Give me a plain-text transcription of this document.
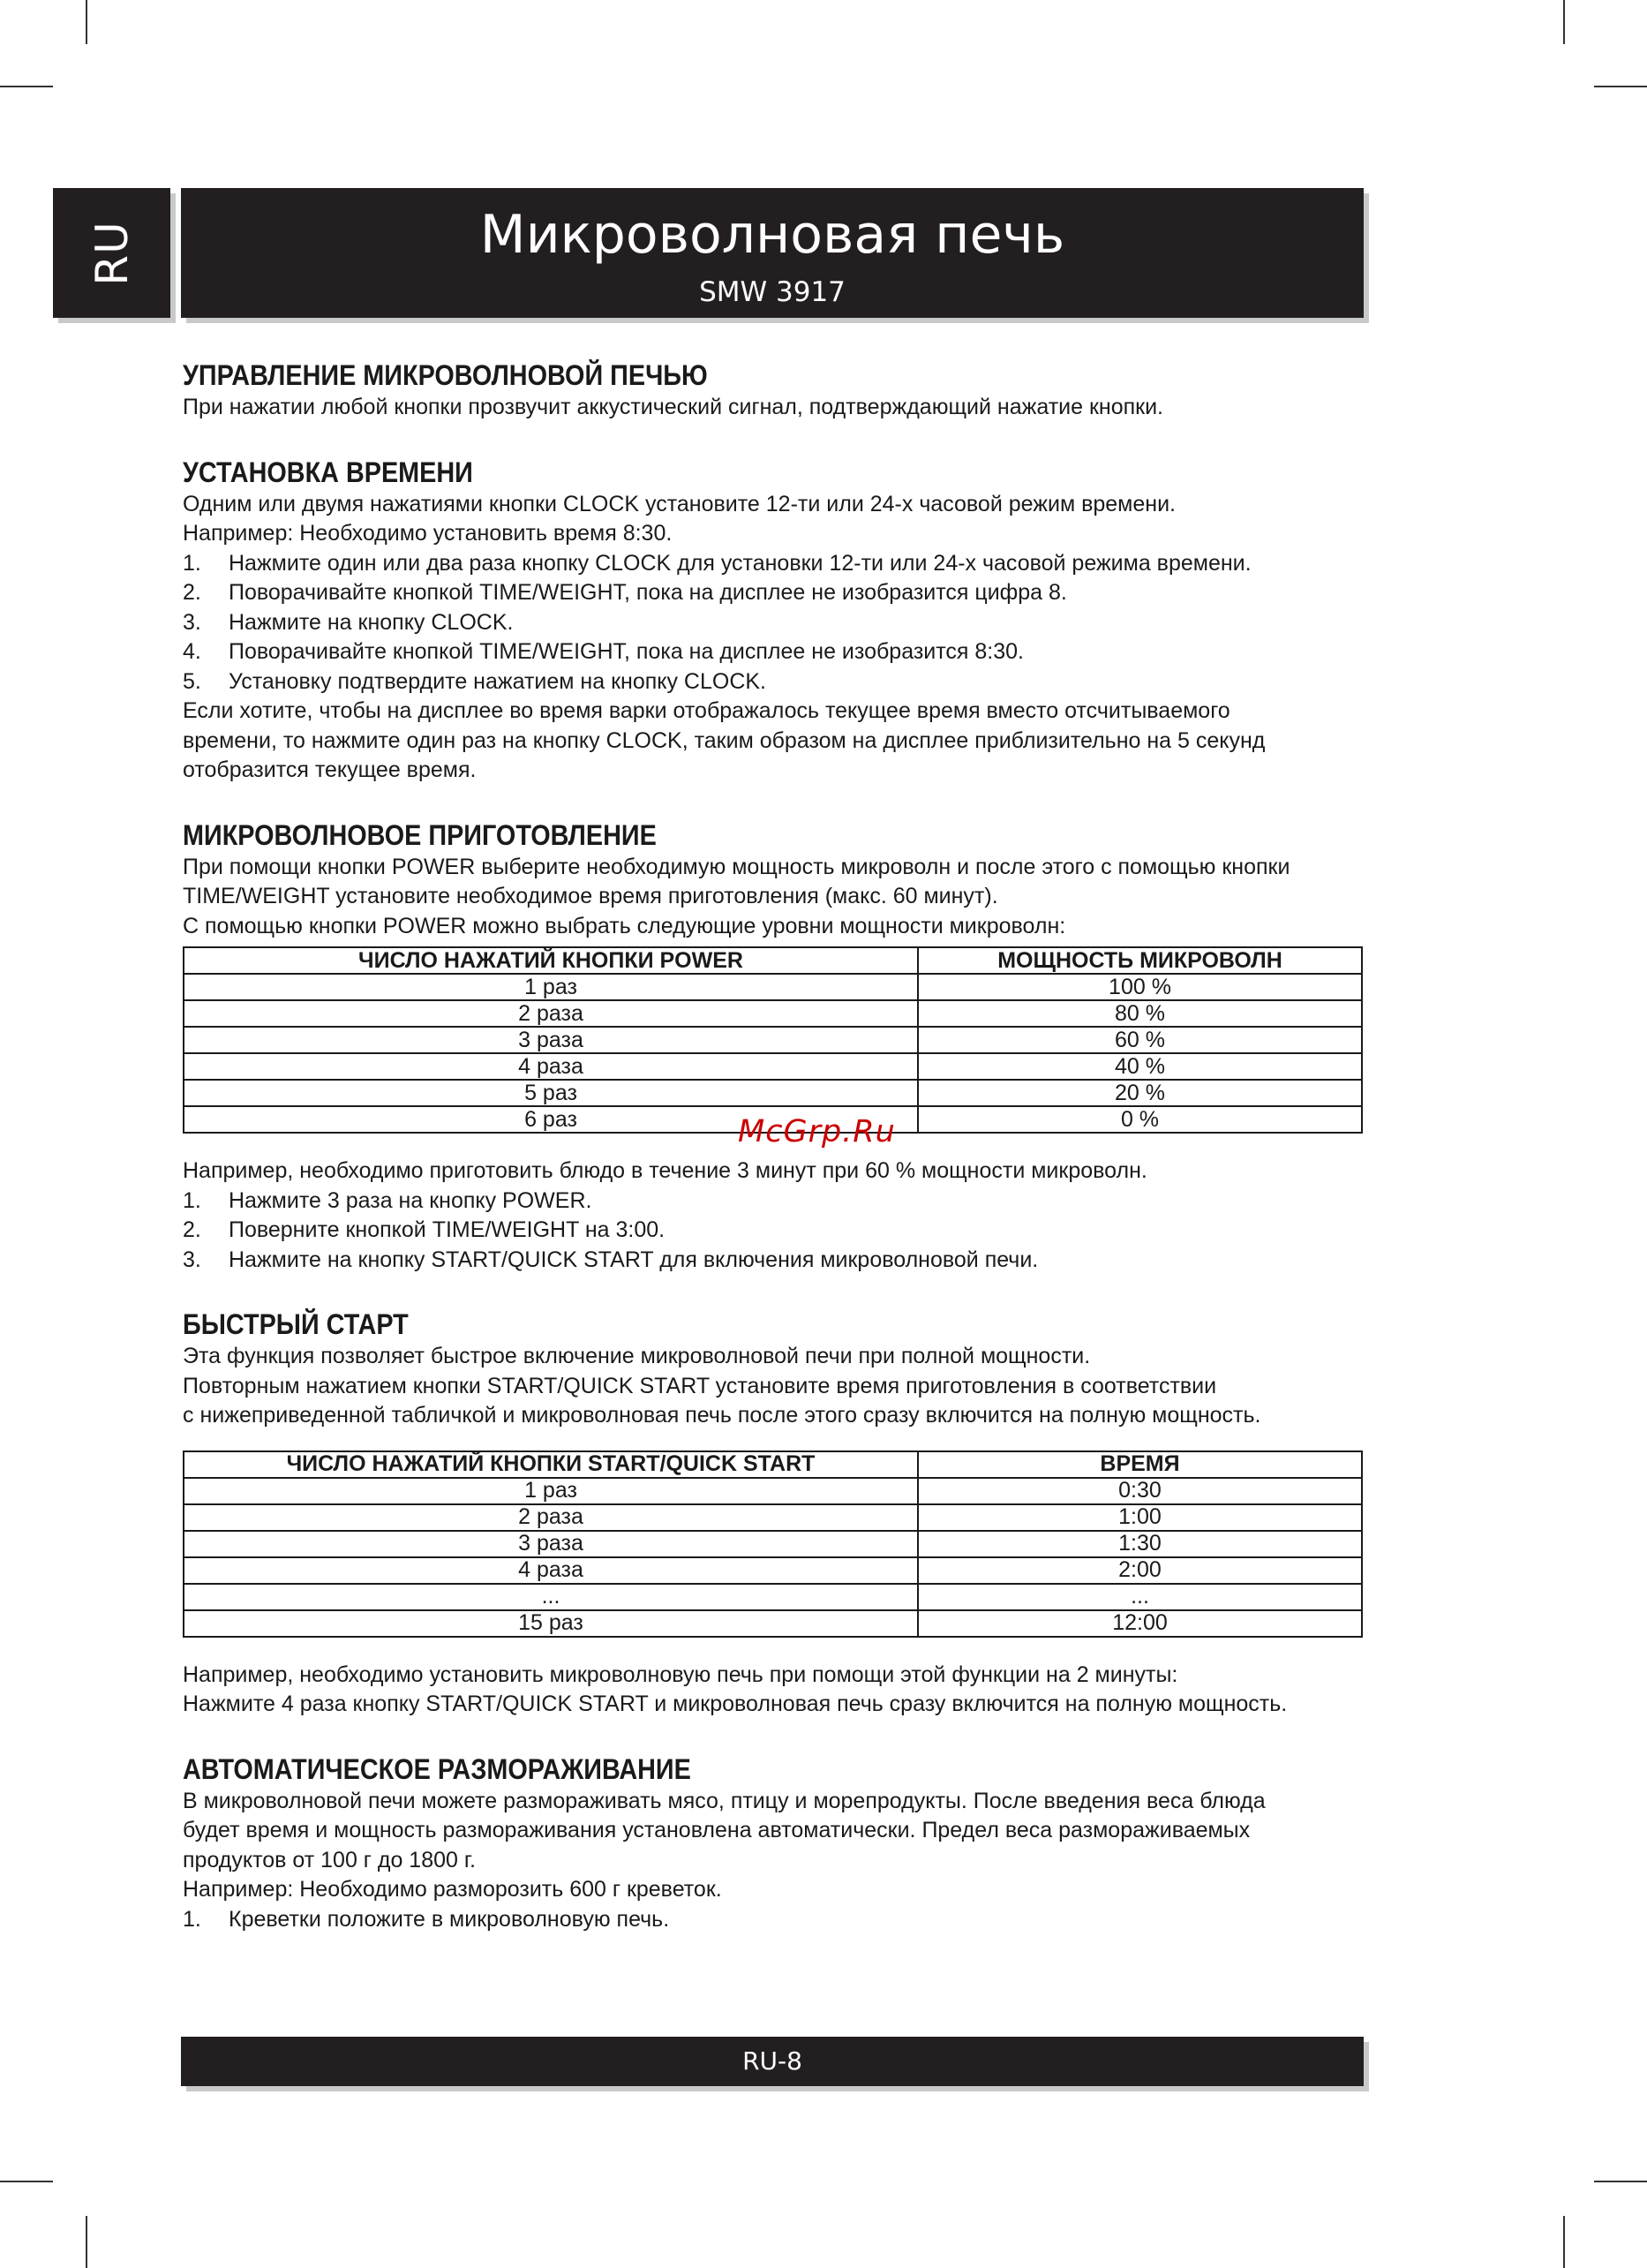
RU	Микроволновая печь
SMW 3917
УПРАВЛЕНИЕ МИКРОВОЛНОВОЙ ПЕЧЬЮ

При нажатии любой кнопки прозвучит аккустический сигнал, подтверждающий нажатие кнопки.

УСТАНОВКА ВРЕМЕНИ

Одним или двумя нажатиями кнопки CLOCK установите 12-ти или 24-х часовой режим времени.

Например: Необходимо установить время 8:30.

1. Нажмите один или два раза кнопку CLOCK для установки 12-ти или 24-х часовой режима времени.

2. Поворачивайте кнопкой TIME/WEIGHT, пока на дисплее не изобразится цифра 8.

3. Нажмите на кнопку CLOCK.

4. Поворачивайте кнопкой TIME/WEIGHT, пока на дисплее не изобразится 8:30.

5. Установку подтвердите нажатием на кнопку CLOCK.

Если хотите, чтобы на дисплее во время варки отображалось текущее время вместо отсчитываемого

времени, то нажмите один раз на кнопку CLOCK, таким образом на дисплее приблизительно на 5 секунд

отобразится текущее время.

МИКРОВОЛНОВОЕ ПРИГОТОВЛЕНИЕ

При помощи кнопки POWER выберите необходимую мощность микроволн и после этого с помощью кнопки

TIME/WEIGHT установите необходимое время приготовления (макс. 60 минут).

С помощью кнопки POWER можно выбрать следующие уровни мощности микроволн:

ЧИСЛО НАЖАТИЙ КНОПКИ POWER	МОЩНОСТЬ МИКРОВОЛН
1 раз	100 %
2 раза	80 %
3 раза	60 %
4 раза	40 %
5 раз	20 %
6 раз	0 %

Например, необходимо приготовить блюдо в течение 3 минут при 60 % мощности микроволн.

1. Нажмите 3 раза на кнопку POWER.

2. Поверните кнопкой TIME/WEIGHT на 3:00.

3. Нажмите на кнопку START/QUICK START для включения микроволновой печи.

БЫСТРЫЙ СТАРТ

Эта функция позволяет быстрое включение микроволновой печи при полной мощности.

Повторным нажатием кнопки START/QUICK START установите время приготовления в соответствии

с нижеприведенной табличкой и микроволновая печь после этого сразу включится на полную мощность.

ЧИСЛО НАЖАТИЙ КНОПКИ START/QUICK START	ВРЕМЯ
1 раз	0:30
2 раза	1:00
3 раза	1:30
4 раза	2:00
...	...
15 раз	12:00

Например, необходимо установить микроволновую печь при помощи этой функции на 2 минуты:

Нажмите 4 раза кнопку START/QUICK START и микроволновая печь сразу включится на полную мощность.

АВТОМАТИЧЕСКОЕ РАЗМОРАЖИВАНИЕ

В микроволновой печи можете размораживать мясо, птицу и морепродукты. После введения веса блюда

будет время и мощность размораживания установлена автоматически. Предел веса размораживаемых

продуктов от 100 г до 1800 г.

Например: Необходимо разморозить 600 г креветок.

1. Креветки положите в микроволновую печь.

McGrp.Ru
RU-8
